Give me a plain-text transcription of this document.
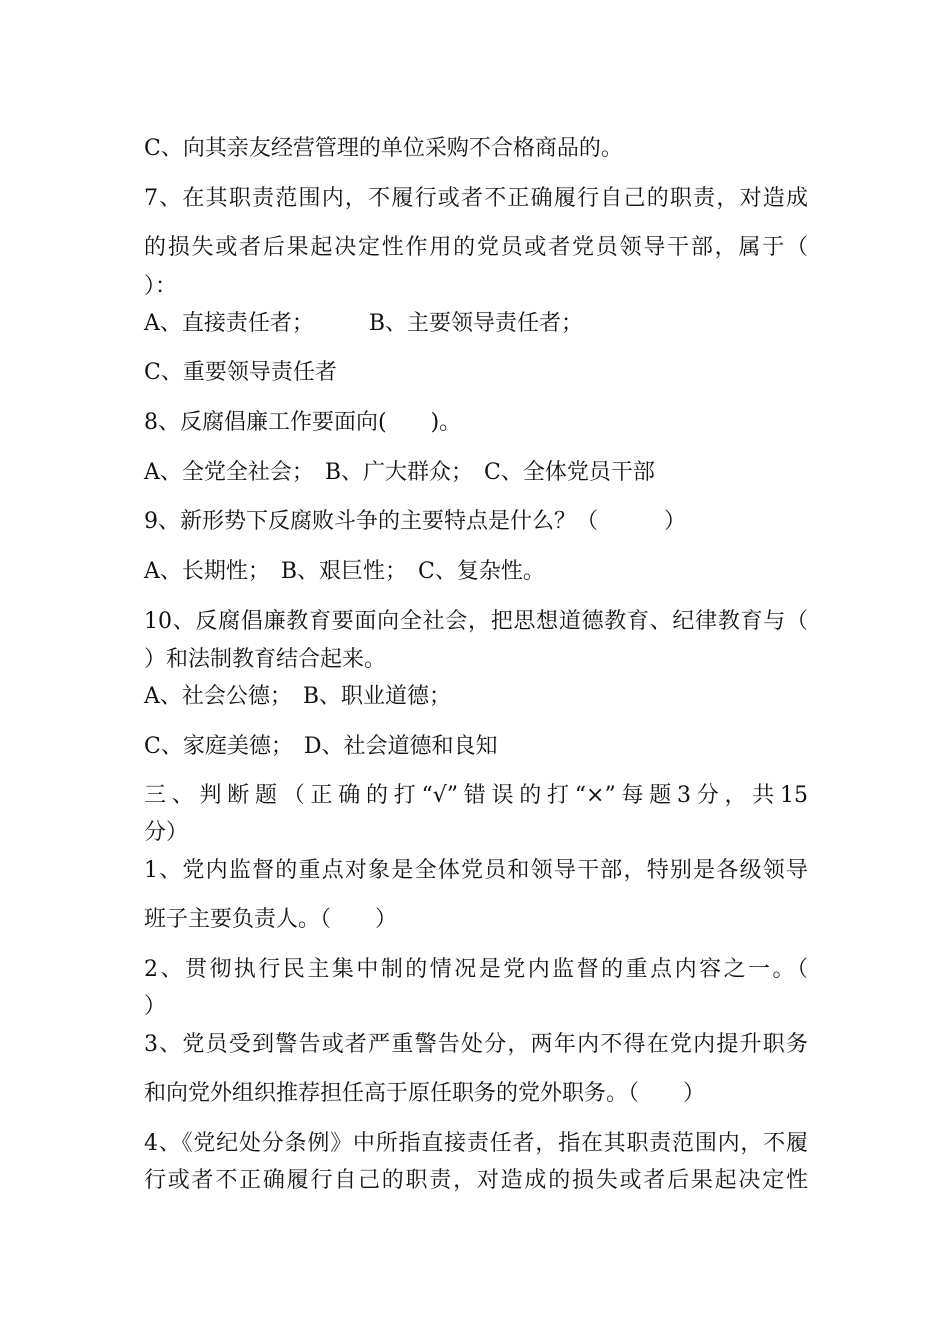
C、向其亲友经营管理的单位采购不合格商品的。
7、在其职责范围内，不履行或者不正确履行自己的职责，对造成
的损失或者后果起决定性作用的党员或者党员领导干部，属于（
）：
A、直接责任者；　　　B、主要领导责任者；
C、重要领导责任者
8、反腐倡廉工作要面向(　　)。
A、全党全社会；　B、广大群众；　C、全体党员干部
9、新形势下反腐败斗争的主要特点是什么？（　　　）
A、长期性；　B、艰巨性；　C、复杂性。
10、反腐倡廉教育要面向全社会，把思想道德教育、纪律教育与（
）和法制教育结合起来。
A、社会公德；　B、职业道德；
C、家庭美德；　D、社会道德和良知
三、判断题（正确的打“√”错误的打“×”每题3分，共15
分）
1、党内监督的重点对象是全体党员和领导干部，特别是各级领导
班子主要负责人。（　　）
2、贯彻执行民主集中制的情况是党内监督的重点内容之一。（
）
3、党员受到警告或者严重警告处分，两年内不得在党内提升职务
和向党外组织推荐担任高于原任职务的党外职务。（　　）
4、《党纪处分条例》中所指直接责任者，指在其职责范围内，不履
行或者不正确履行自己的职责，对造成的损失或者后果起决定性
